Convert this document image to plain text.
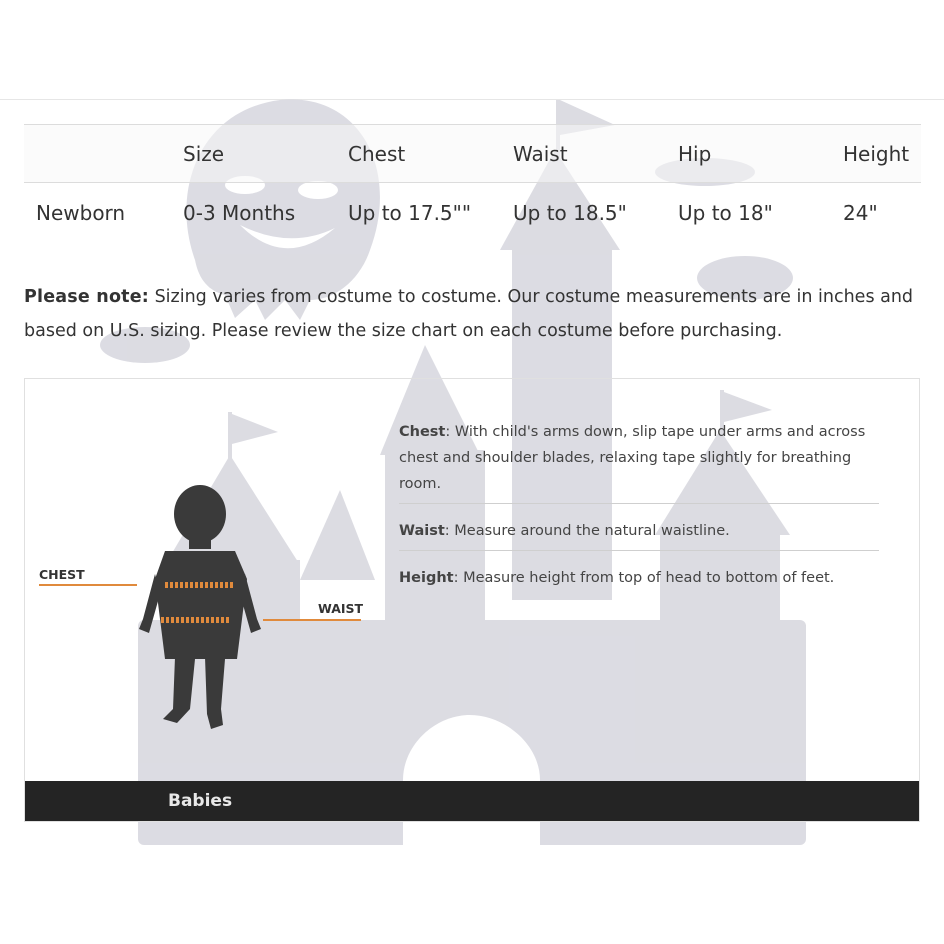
	Size	Chest	Waist	Hip	Height
Newborn	0-3 Months	Up to 17.5""	Up to 18.5"	Up to 18"	24"
Please note: Sizing varies from costume to costume. Our costume measurements are in inches and based on U.S. sizing. Please review the size chart on each costume before purchasing.
CHEST
WAIST
Chest: With child's arms down, slip tape under arms and across chest and shoulder blades, relaxing tape slightly for breathing room.
Waist: Measure around the natural waistline.
Height: Measure height from top of head to bottom of feet.
Babies
